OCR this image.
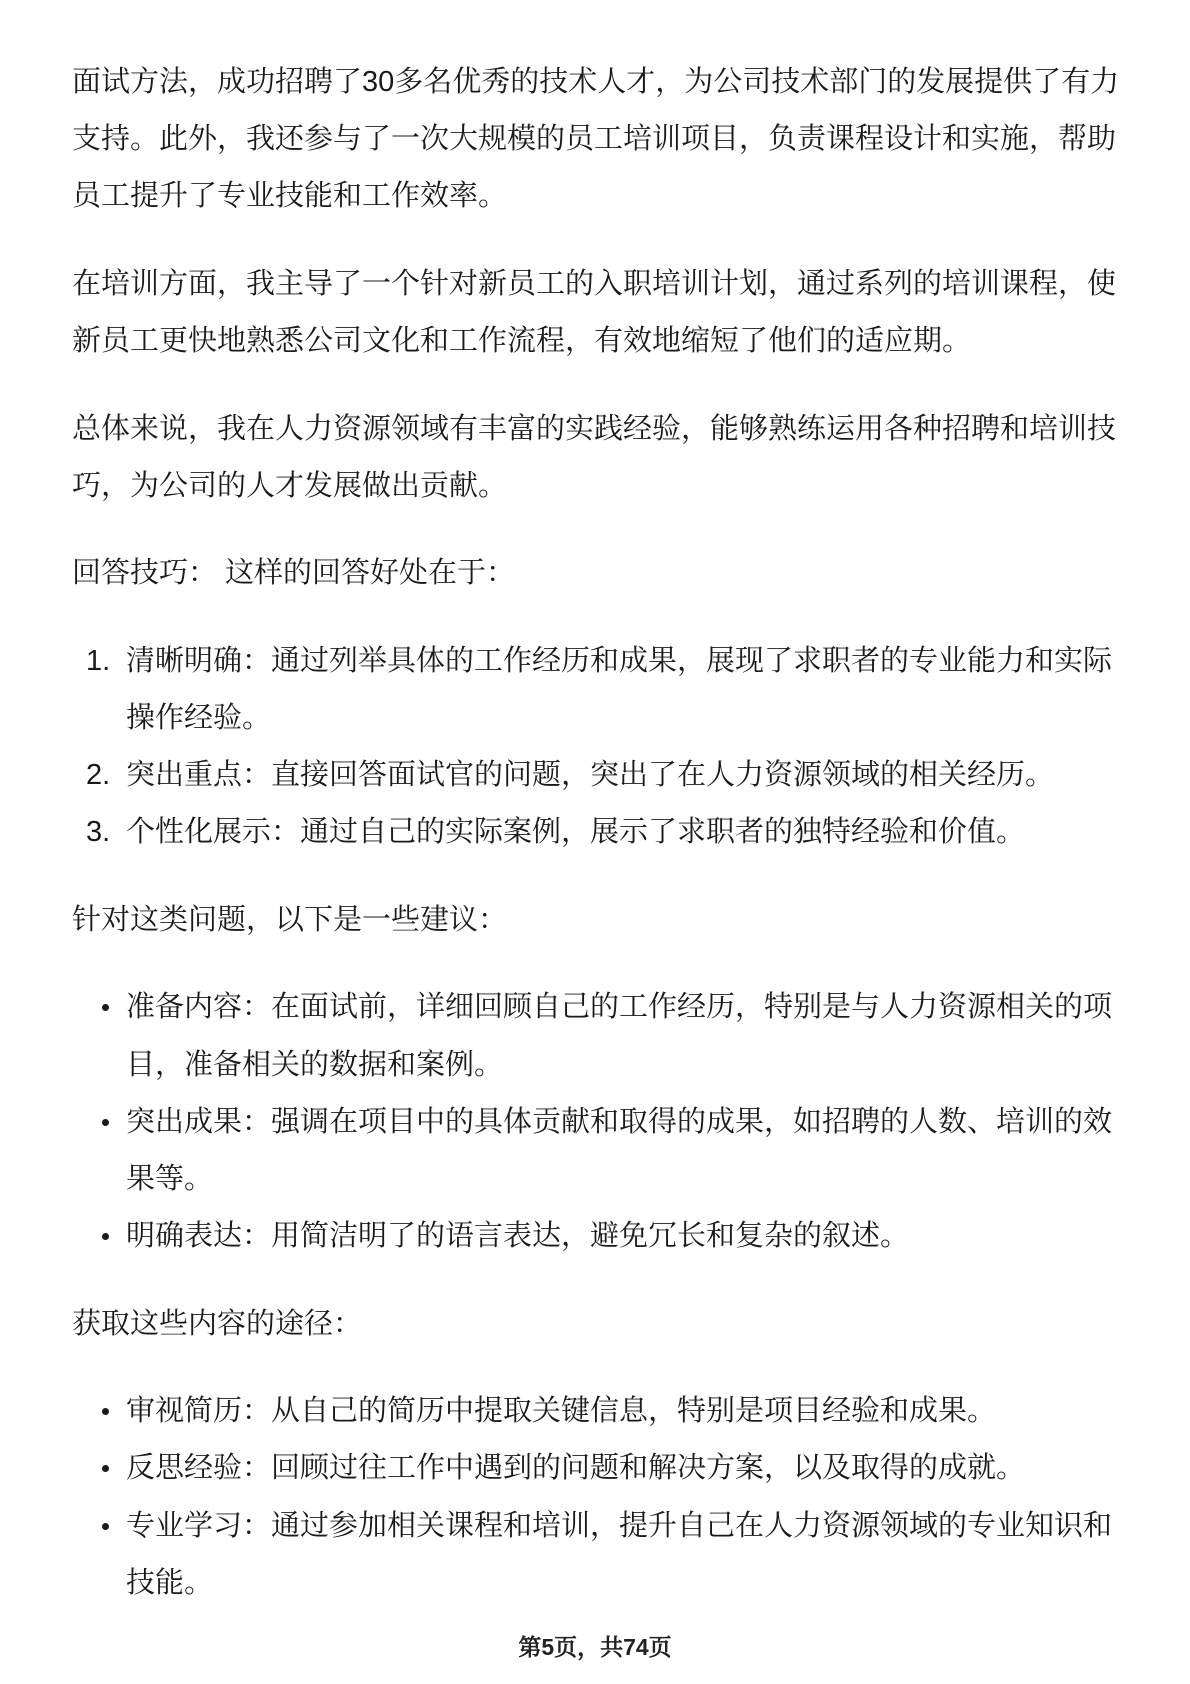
面试方法，成功招聘了30多名优秀的技术人才，为公司技术部门的发展提供了有力支持。此外，我还参与了一次大规模的员工培训项目，负责课程设计和实施，帮助员工提升了专业技能和工作效率。

在培训方面，我主导了一个针对新员工的入职培训计划，通过系列的培训课程，使新员工更快地熟悉公司文化和工作流程，有效地缩短了他们的适应期。

总体来说，我在人力资源领域有丰富的实践经验，能够熟练运用各种招聘和培训技巧，为公司的人才发展做出贡献。

回答技巧： 这样的回答好处在于：

1. 清晰明确：通过列举具体的工作经历和成果，展现了求职者的专业能力和实际操作经验。
2. 突出重点：直接回答面试官的问题，突出了在人力资源领域的相关经历。
3. 个性化展示：通过自己的实际案例，展示了求职者的独特经验和价值。

针对这类问题，以下是一些建议：

准备内容：在面试前，详细回顾自己的工作经历，特别是与人力资源相关的项目，准备相关的数据和案例。
突出成果：强调在项目中的具体贡献和取得的成果，如招聘的人数、培训的效果等。
明确表达：用简洁明了的语言表达，避免冗长和复杂的叙述。

获取这些内容的途径：

审视简历：从自己的简历中提取关键信息，特别是项目经验和成果。
反思经验：回顾过往工作中遇到的问题和解决方案，以及取得的成就。
专业学习：通过参加相关课程和培训，提升自己在人力资源领域的专业知识和技能。
第5页，共74页
